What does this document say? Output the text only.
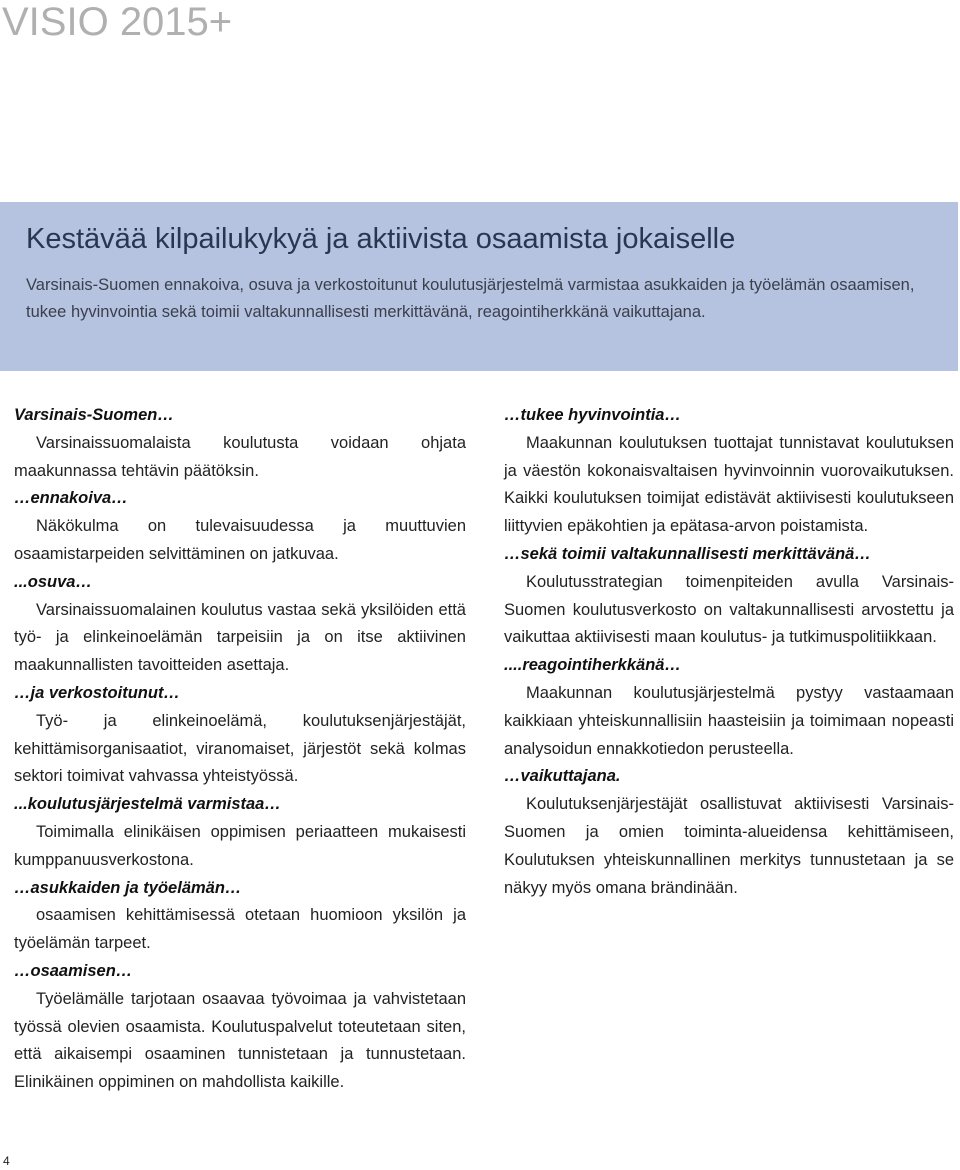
VISIO 2015+
Kestävää kilpailukykyä ja aktiivista osaamista jokaiselle

Varsinais-Suomen ennakoiva, osuva ja verkostoitunut koulutusjärjestelmä varmistaa asukkaiden ja työelämän osaamisen, tukee hyvinvointia sekä toimii valtakunnallisesti merkittävänä, reagointiherkkänä vaikuttajana.

Varsinais-Suomen…

Varsinaissuomalaista koulutusta voidaan ohjata maakunnassa tehtävin päätöksin.

…ennakoiva…

Näkökulma on tulevaisuudessa ja muuttuvien osaamistarpeiden selvittäminen on jatkuvaa.

...osuva…

Varsinaissuomalainen koulutus vastaa sekä yksilöiden että työ- ja elinkeinoelämän tarpeisiin ja on itse aktiivinen maakunnallisten tavoitteiden asettaja.

…ja verkostoitunut…

Työ- ja elinkeinoelämä, koulutuksenjärjestäjät, kehittämisorganisaatiot, viranomaiset, järjestöt sekä kolmas sektori toimivat vahvassa yhteistyössä.

...koulutusjärjestelmä varmistaa…

Toimimalla elinikäisen oppimisen periaatteen mukaisesti kumppanuusverkostona.

…asukkaiden ja työelämän…

osaamisen kehittämisessä otetaan huomioon yksilön ja työelämän tarpeet.

…osaamisen…

Työelämälle tarjotaan osaavaa työvoimaa ja vahvistetaan työssä olevien osaamista. Koulutuspalvelut toteutetaan siten, että aikaisempi osaaminen tunnistetaan ja tunnustetaan. Elinikäinen oppiminen on mahdollista kaikille.

…tukee hyvinvointia…

Maakunnan koulutuksen tuottajat tunnistavat koulutuksen ja väestön kokonaisvaltaisen hyvinvoinnin vuorovaikutuksen. Kaikki koulutuksen toimijat edistävät aktiivisesti koulutukseen liittyvien epäkohtien ja epätasa-arvon poistamista.

…sekä toimii valtakunnallisesti merkittävänä…

Koulutusstrategian toimenpiteiden avulla Varsinais-Suomen koulutusverkosto on valtakunnallisesti arvostettu ja vaikuttaa aktiivisesti maan koulutus- ja tutkimuspolitiikkaan.

....reagointiherkkänä…

Maakunnan koulutusjärjestelmä pystyy vastaamaan kaikkiaan yhteiskunnallisiin haasteisiin ja toimimaan nopeasti analysoidun ennakkotiedon perusteella.

…vaikuttajana.

Koulutuksenjärjestäjät osallistuvat aktiivisesti Varsinais-Suomen ja omien toiminta-alueidensa kehittämiseen, Koulutuksen yhteiskunnallinen merkitys tunnustetaan ja se näkyy myös omana brändinään.

4
